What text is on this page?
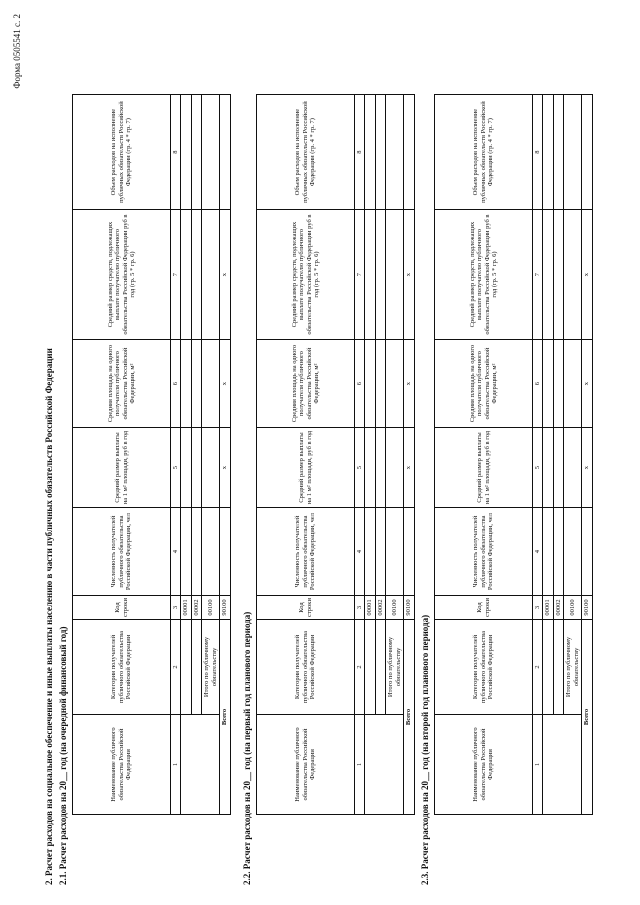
Форма 0505541 с. 2
2. Расчет расходов на социальное обеспечение и иные выплаты населению в части публичных обязательств Российской Федерации 2.1. Расчет расходов на 20__ год (на очередной финансовый год)	Наименование публичного обязательства Российской Федерации	Категория получателей публичного обязательства Российской Федерации	Код строки	Численность получателей публичного обязательства Российской Федерации, чел	Средний размер выплаты на 1 м² площади, руб в год	Средняя площадь на одного получателя публичного обязательства Российской Федерации, м²	Средний размер средств, подлежащих выплате получателю публичного обязательства Российской Федерации руб в год (гр. 5 * гр. 6)	Объем расходов на исполнение публичных обязательств Российской Федерации (гр. 4 * гр. 7)
1	2	3	4	5	6	7	8
		00001					
		00002					
	Итого по публичному обязательству	00100					
Всего		90100		x	x	x	
2.2. Расчет расходов на 20__ год (на первый год планового периода)	Наименование публичного обязательства Российской Федерации	Категория получателей публичного обязательства Российской Федерации	Код строки	Численность получателей публичного обязательства Российской Федерации, чел	Средний размер выплаты на 1 м² площади, руб в год	Средняя площадь на одного получателя публичного обязательства Российской Федерации, м²	Средний размер средств, подлежащих выплате получателю публичного обязательства Российской Федерации руб в год (гр. 5 * гр. 6)	Объем расходов на исполнение публичных обязательств Российской Федерации (гр. 4 * гр. 7)
1	2	3	4	5	6	7	8
		00001					
		00002					
	Итого по публичному обязательству	00100					
Всего		90100		x	x	x	
2.3. Расчет расходов на 20__ год (на второй год планового периода)	Наименование публичного обязательства Российской Федерации	Категория получателей публичного обязательства Российской Федерации	Код строки	Численность получателей публичного обязательства Российской Федерации, чел	Средний размер выплаты на 1 м² площади, руб в год	Средняя площадь на одного получателя публичного обязательства Российской Федерации, м²	Средний размер средств, подлежащих выплате получателю публичного обязательства Российской Федерации руб в год (гр. 5 * гр. 6)	Объем расходов на исполнение публичных обязательств Российской Федерации (гр. 4 * гр. 7)
1	2	3	4	5	6	7	8
		00001					
		00002					
	Итого по публичному обязательству	00100					
Всего		90100		x	x	x	
